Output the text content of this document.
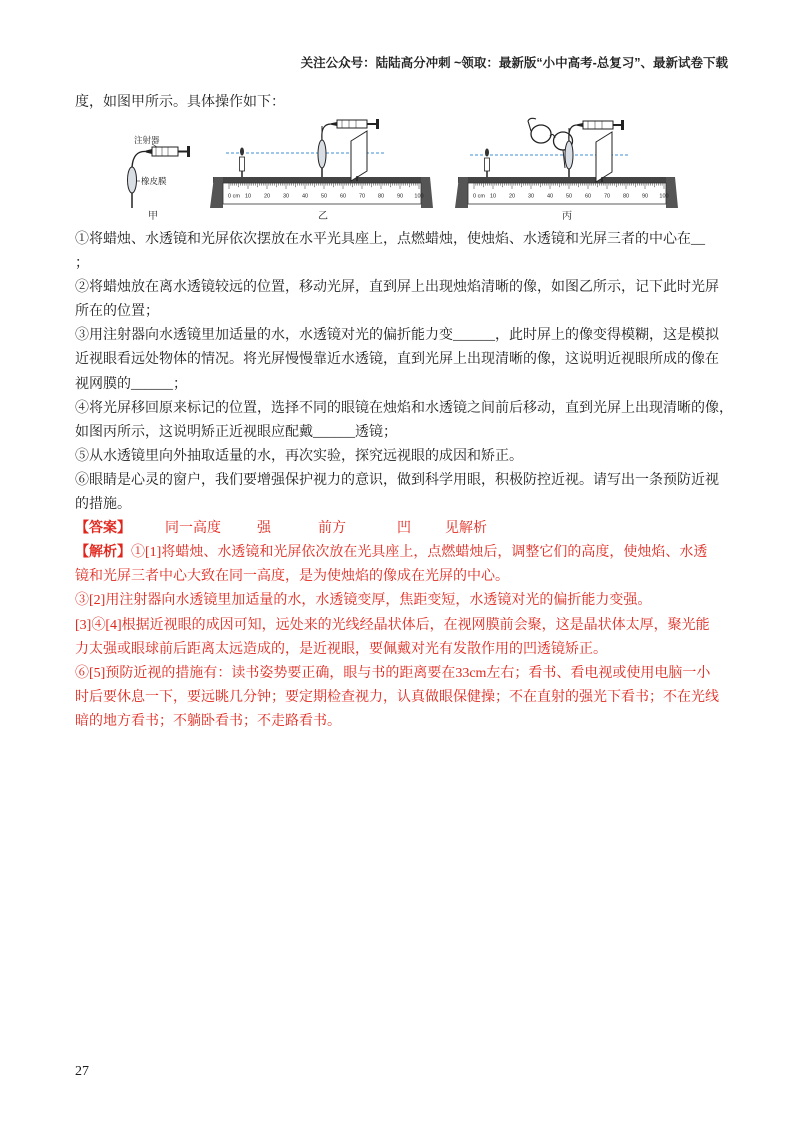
关注公众号：陆陆高分冲刺 ~领取：最新版“小中高考-总复习”、最新试卷下载
度，如图甲所示。具体操作如下：
注射器
橡皮膜
甲
0 cm 10 20 30 40 50 60 70 80 90 100
乙
0 cm 10 20 30 40 50 60 70 80 90 100
丙
①将蜡烛、水透镜和光屏依次摆放在水平光具座上，点燃蜡烛，使烛焰、水透镜和光屏三者的中心在__
；
②将蜡烛放在离水透镜较远的位置，移动光屏，直到屏上出现烛焰清晰的像，如图乙所示，记下此时光屏
所在的位置；
③用注射器向水透镜里加适量的水，水透镜对光的偏折能力变______，此时屏上的像变得模糊，这是模拟
近视眼看远处物体的情况。将光屏慢慢靠近水透镜，直到光屏上出现清晰的像，这说明近视眼所成的像在
视网膜的______；
④将光屏移回原来标记的位置，选择不同的眼镜在烛焰和水透镜之间前后移动，直到光屏上出现清晰的像，
如图丙所示，这说明矫正近视眼应配戴______透镜；
⑤从水透镜里向外抽取适量的水，再次实验，探究远视眼的成因和矫正。
⑥眼睛是心灵的窗户，我们要增强保护视力的意识，做到科学用眼，积极防控近视。请写出一条预防近视
的措施。
【答案】 同一高度	强	前方	凹 见解析
【解析】①[1]将蜡烛、水透镜和光屏依次放在光具座上，点燃蜡烛后，调整它们的高度，使烛焰、水透
镜和光屏三者中心大致在同一高度，是为使烛焰的像成在光屏的中心。
③[2]用注射器向水透镜里加适量的水，水透镜变厚，焦距变短，水透镜对光的偏折能力变强。
[3]④[4]根据近视眼的成因可知，远处来的光线经晶状体后，在视网膜前会聚，这是晶状体太厚，聚光能
力太强或眼球前后距离太远造成的，是近视眼，要佩戴对光有发散作用的凹透镜矫正。
⑥[5]预防近视的措施有：读书姿势要正确，眼与书的距离要在33cm左右；看书、看电视或使用电脑一小
时后要休息一下，要远眺几分钟；要定期检查视力，认真做眼保健操；不在直射的强光下看书；不在光线
暗的地方看书；不躺卧看书；不走路看书。
27
